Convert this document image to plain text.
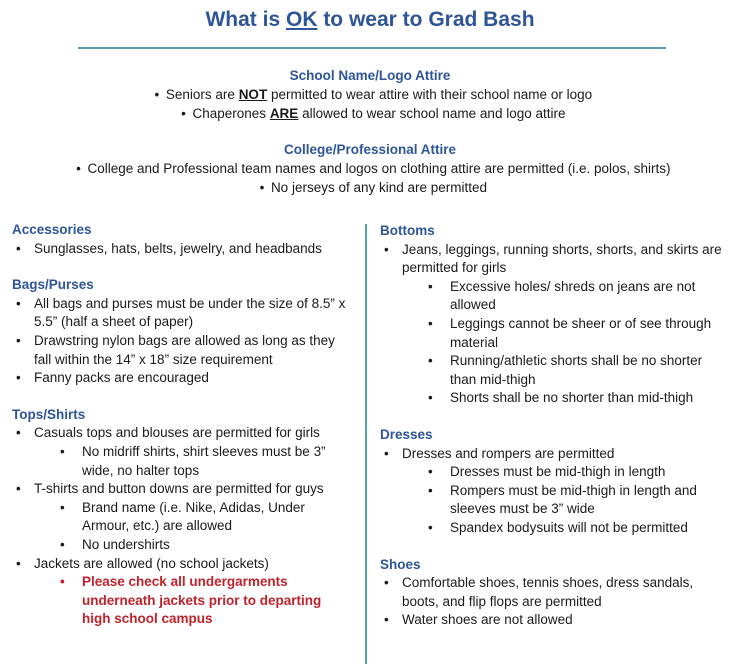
What is OK to wear to Grad Bash
School Name/Logo Attire
• Seniors are NOT permitted to wear attire with their school name or logo
• Chaperones ARE allowed to wear school name and logo attire
College/Professional Attire
• College and Professional team names and logos on clothing attire are permitted (i.e. polos, shirts)
• No jerseys of any kind are permitted
Accessories
• Sunglasses, hats, belts, jewelry, and headbands
Bags/Purses
• All bags and purses must be under the size of 8.5” x 5.5” (half a sheet of paper)
• Drawstring nylon bags are allowed as long as they fall within the 14” x 18” size requirement
• Fanny packs are encouraged
Tops/Shirts
• Casuals tops and blouses are permitted for girls
• No midriff shirts, shirt sleeves must be 3” wide, no halter tops
• T-shirts and button downs are permitted for guys
• Brand name (i.e. Nike, Adidas, Under Armour, etc.) are allowed
• No undershirts
• Jackets are allowed (no school jackets)
• Please check all undergarments underneath jackets prior to departing high school campus
Bottoms
• Jeans, leggings, running shorts, shorts, and skirts are permitted for girls
• Excessive holes/ shreds on jeans are not allowed
• Leggings cannot be sheer or of see through material
• Running/athletic shorts shall be no shorter than mid-thigh
• Shorts shall be no shorter than mid-thigh
Dresses
• Dresses and rompers are permitted
• Dresses must be mid-thigh in length
• Rompers must be mid-thigh in length and sleeves must be 3” wide
• Spandex bodysuits will not be permitted
Shoes
• Comfortable shoes, tennis shoes, dress sandals, boots, and flip flops are permitted
• Water shoes are not allowed
